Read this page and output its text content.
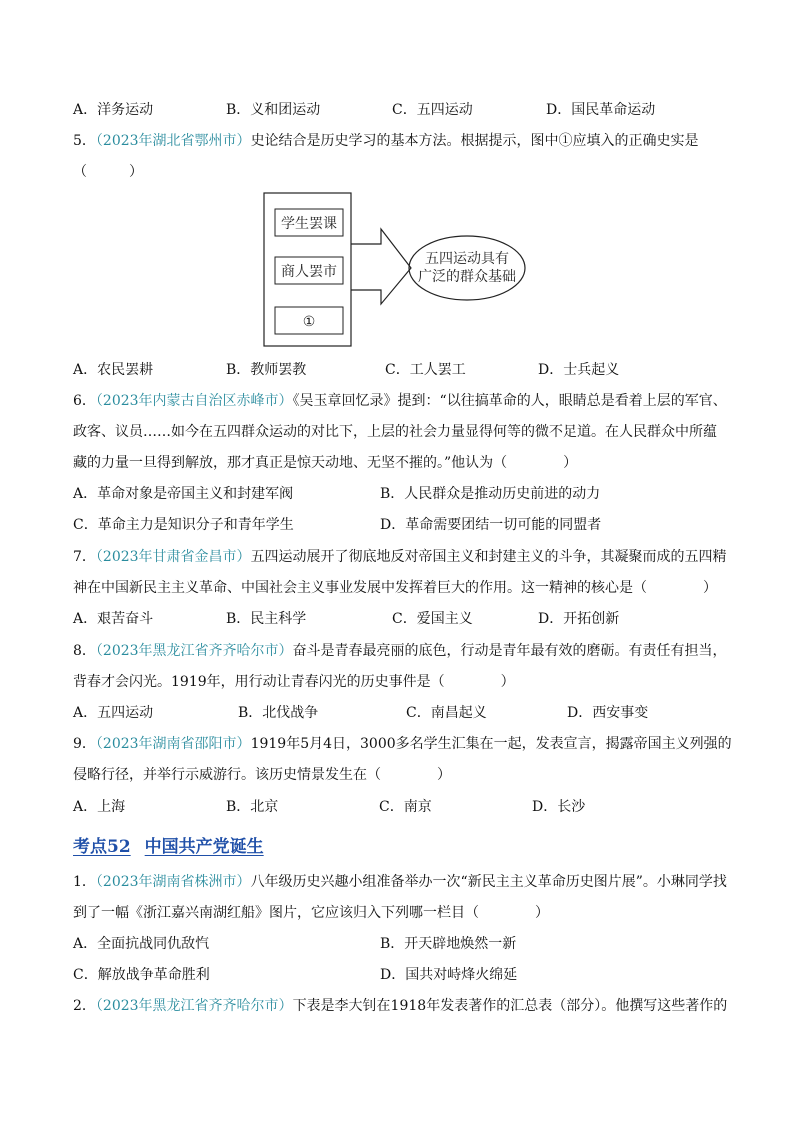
A．洋务运动	B．义和团运动	C．五四运动	D．国民革命运动
5．（2023年湖北省鄂州市）史论结合是历史学习的基本方法。根据提示，图中①应填入的正确史实是
（　　　）
学生罢课
商人罢市
①
五四运动具有
广泛的群众基础
A．农民罢耕	B．教师罢教	C．工人罢工	D．士兵起义
6．（2023年内蒙古自治区赤峰市）《吴玉章回忆录》提到：“以往搞革命的人，眼睛总是看着上层的军官、
政客、议员……如今在五四群众运动的对比下，上层的社会力量显得何等的微不足道。在人民群众中所蕴
藏的力量一旦得到解放，那才真正是惊天动地、无坚不摧的。”他认为（　　　　）
A．革命对象是帝国主义和封建军阀	B．人民群众是推动历史前进的动力
C．革命主力是知识分子和青年学生	D．革命需要团结一切可能的同盟者
7．（2023年甘肃省金昌市）五四运动展开了彻底地反对帝国主义和封建主义的斗争，其凝聚而成的五四精
神在中国新民主主义革命、中国社会主义事业发展中发挥着巨大的作用。这一精神的核心是（　　　　）
A．艰苦奋斗	B．民主科学	C．爱国主义	D．开拓创新
8．（2023年黑龙江省齐齐哈尔市）奋斗是青春最亮丽的底色，行动是青年最有效的磨砺。有责任有担当，
背春才会闪光。1919年，用行动让青春闪光的历史事件是（　　　　）
A．五四运动	B．北伐战争	C．南昌起义	D．西安事变
9．（2023年湖南省邵阳市）1919年5月4日，3000多名学生汇集在一起，发表宣言，揭露帝国主义列强的
侵略行径，并举行示威游行。该历史情景发生在（　　　　）
A．上海	B．北京	C．南京	D．长沙
考点52 中国共产党诞生
1．（2023年湖南省株洲市）八年级历史兴趣小组准备举办一次“新民主主义革命历史图片展”。小琳同学找
到了一幅《浙江嘉兴南湖红船》图片，它应该归入下列哪一栏目（　　　　）
A．全面抗战同仇敌忾	B．开天辟地焕然一新
C．解放战争革命胜利	D．国共对峙烽火绵延
2．（2023年黑龙江省齐齐哈尔市）下表是李大钊在1918年发表著作的汇总表（部分）。他撰写这些著作的
